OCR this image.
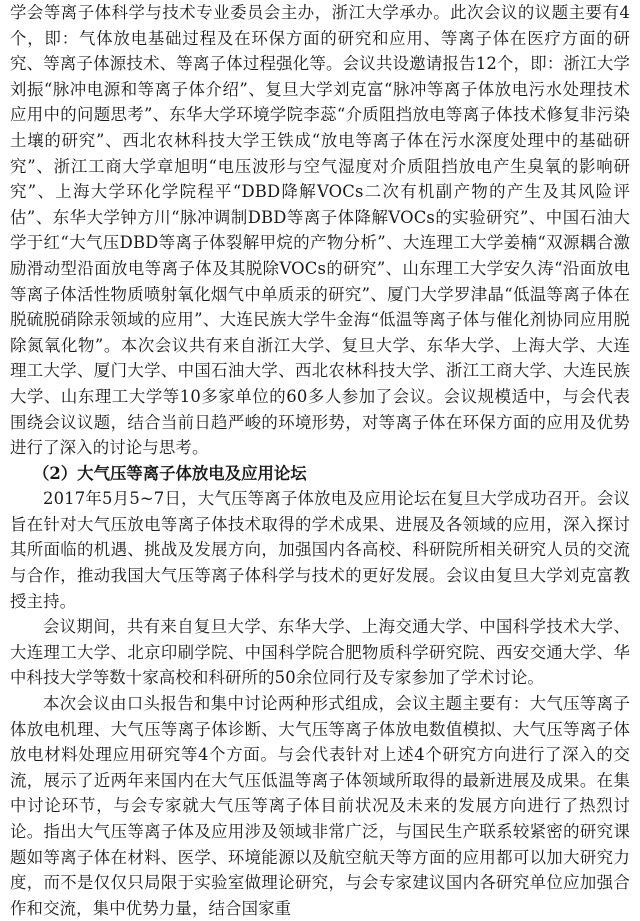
学会等离子体科学与技术专业委员会主办，浙江大学承办。此次会议的议题主要有4个，即：气体放电基础过程及在环保方面的研究和应用、等离子体在医疗方面的研究、等离子体源技术、等离子体过程强化等。会议共设邀请报告12个，即：浙江大学刘振“脉冲电源和等离子体介绍”、复旦大学刘克富“脉冲等离子体放电污水处理技术应用中的问题思考”、东华大学环境学院李蕊“介质阻挡放电等离子体技术修复非污染土壤的研究”、西北农林科技大学王铁成“放电等离子体在污水深度处理中的基础研究”、浙江工商大学章旭明“电压波形与空气湿度对介质阻挡放电产生臭氧的影响研究”、上海大学环化学院程平“DBD降解VOCs二次有机副产物的产生及其风险评估”、东华大学钟方川“脉冲调制DBD等离子体降解VOCs的实验研究”、中国石油大学于红“大气压DBD等离子体裂解甲烷的产物分析”、大连理工大学姜楠“双源耦合激励滑动型沿面放电等离子体及其脱除VOCs的研究”、山东理工大学安久涛“沿面放电等离子体活性物质喷射氧化烟气中单质汞的研究”、厦门大学罗津晶“低温等离子体在脱硫脱硝除汞领域的应用”、大连民族大学牛金海“低温等离子体与催化剂协同应用脱除氮氧化物”。本次会议共有来自浙江大学、复旦大学、东华大学、上海大学、大连理工大学、厦门大学、中国石油大学、西北农林科技大学、浙江工商大学、大连民族大学、山东理工大学等10多家单位的60多人参加了会议。会议规模适中，与会代表围绕会议议题，结合当前日趋严峻的环境形势，对等离子体在环保方面的应用及优势进行了深入的讨论与思考。

（2）大气压等离子体放电及应用论坛

2017年5月5~7日，大气压等离子体放电及应用论坛在复旦大学成功召开。会议旨在针对大气压放电等离子体技术取得的学术成果、进展及各领域的应用，深入探讨其所面临的机遇、挑战及发展方向，加强国内各高校、科研院所相关研究人员的交流与合作，推动我国大气压等离子体科学与技术的更好发展。会议由复旦大学刘克富教授主持。

会议期间，共有来自复旦大学、东华大学、上海交通大学、中国科学技术大学、大连理工大学、北京印刷学院、中国科学院合肥物质科学研究院、西安交通大学、华中科技大学等数十家高校和科研所的50余位同行及专家参加了学术讨论。

本次会议由口头报告和集中讨论两种形式组成，会议主题主要有：大气压等离子体放电机理、大气压等离子体诊断、大气压等离子体放电数值模拟、大气压等离子体放电材料处理应用研究等4个方面。与会代表针对上述4个研究方向进行了深入的交流，展示了近两年来国内在大气压低温等离子体领域所取得的最新进展及成果。在集中讨论环节，与会专家就大气压等离子体目前状况及未来的发展方向进行了热烈讨论。指出大气压等离子体及应用涉及领域非常广泛，与国民生产联系较紧密的研究课题如等离子体在材料、医学、环境能源以及航空航天等方面的应用都可以加大研究力度，而不是仅仅只局限于实验室做理论研究，与会专家建议国内各研究单位应加强合作和交流，集中优势力量，结合国家重
